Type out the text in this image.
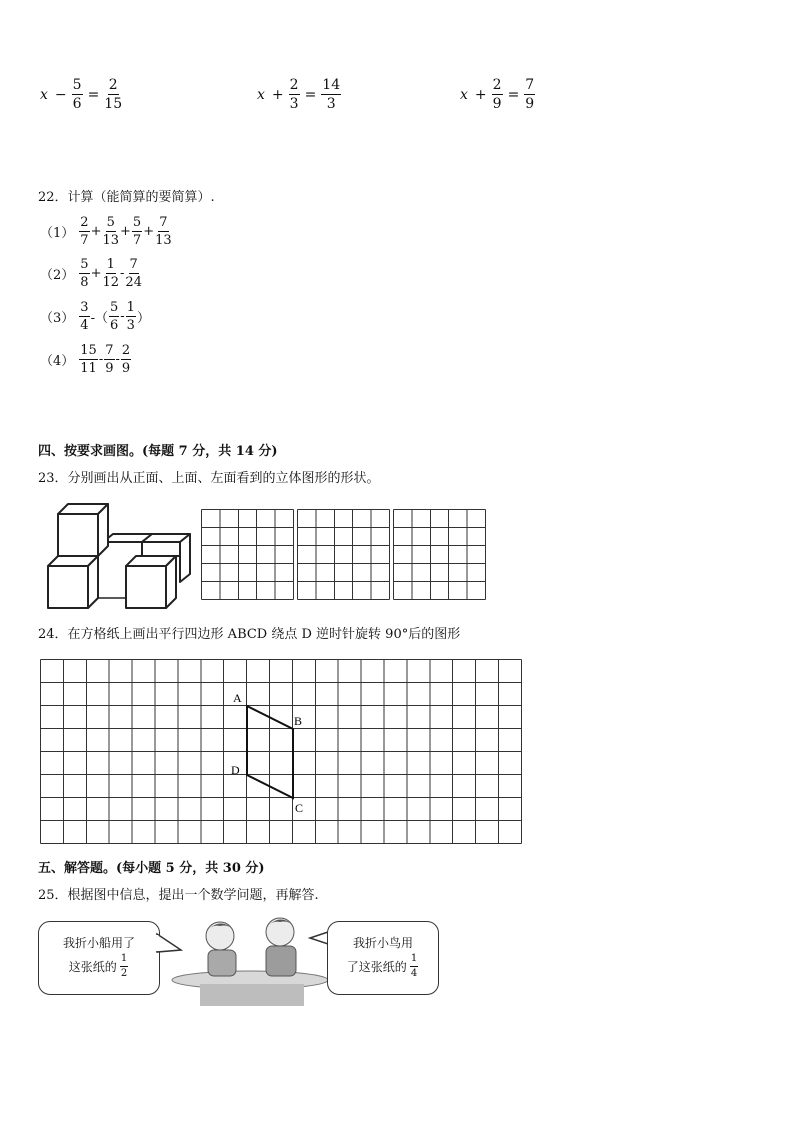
$x - \frac{5}{6} = \frac{2}{15}$	$x + \frac{2}{3} = \frac{14}{3}$	$x + \frac{2}{9} = \frac{7}{9}$
22．计算（能简算的要简算）.
$(1) \frac{2}{7} + \frac{5}{13} + \frac{5}{7} + \frac{7}{13}$
$(2) \frac{5}{8} + \frac{1}{12} - \frac{7}{24}$
$(3) \frac{3}{4}$ -（ $\frac{5}{6} - \frac{1}{3}$ ）
$(4) \frac{15}{11} - \frac{7}{9} - \frac{2}{9}$
四、按要求画图。(每题 7 分，共 14 分)
23．分别画出从正面、上面、左面看到的立体图形的形状。
24．在方格纸上画出平行四边形 ABCD 绕点 D 逆时针旋转 90°后的图形
A
B
C
D
五、解答题。(每小题 5 分，共 30 分)
25．根据图中信息，提出一个数学问题，再解答.
我折小船用了
这张纸的 $\frac{1}{2}$
我折小鸟用
了这张纸的 $\frac{1}{4}$
